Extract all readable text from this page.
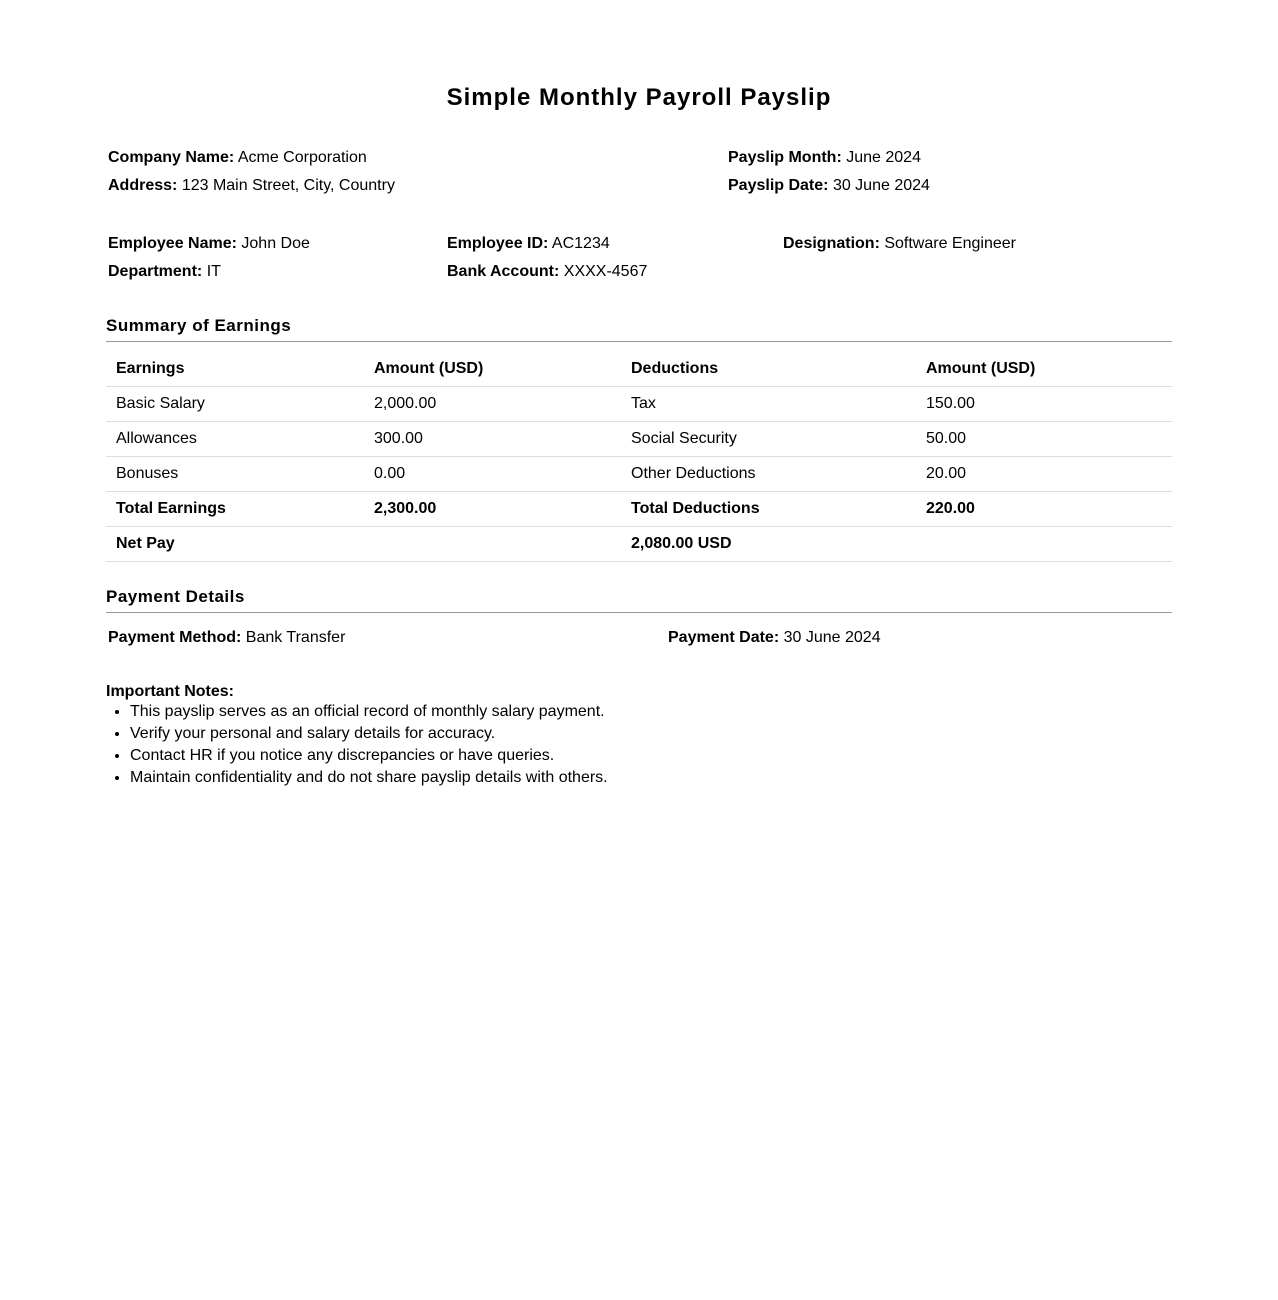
Simple Monthly Payroll Payslip
Company Name: Acme Corporation
Address: 123 Main Street, City, Country
Payslip Month: June 2024
Payslip Date: 30 June 2024
Employee Name: John Doe	Employee ID: AC1234	Designation: Software Engineer
Department: IT	Bank Account: XXXX-4567
Summary of Earnings
Earnings	Amount (USD)	Deductions	Amount (USD)
Basic Salary	2,000.00	Tax	150.00
Allowances	300.00	Social Security	50.00
Bonuses	0.00	Other Deductions	20.00
Total Earnings	2,300.00	Total Deductions	220.00
Net Pay		2,080.00 USD	
Payment Details
Payment Method: Bank Transfer	Payment Date: 30 June 2024
Important Notes:
• This payslip serves as an official record of monthly salary payment.
• Verify your personal and salary details for accuracy.
• Contact HR if you notice any discrepancies or have queries.
• Maintain confidentiality and do not share payslip details with others.
